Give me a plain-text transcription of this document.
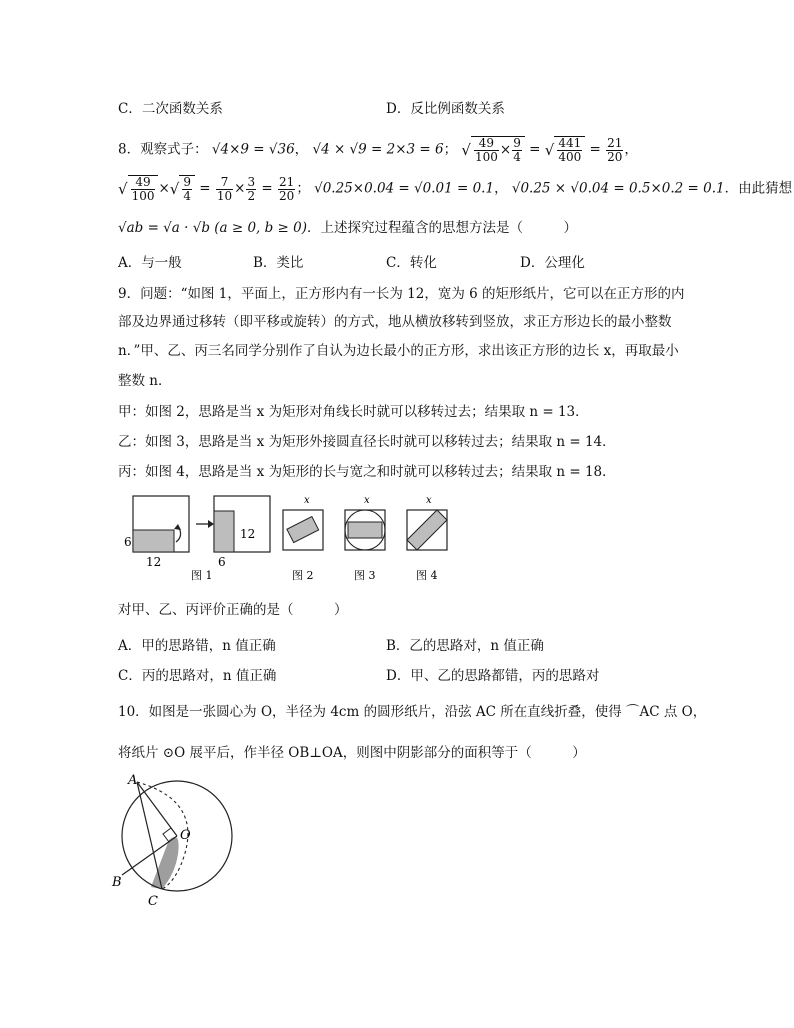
C．二次函数关系	D．反比例函数关系
8．观察式子： √4×9 = √36， √4 × √9 = 2×3 = 6； √ $\frac{49}{100} \times \frac{9}{4}$ = √ $\frac{441}{400} = \frac{21}{20}$ ，
√ $\frac{49}{100}$ ×√ $\frac{9}{4} = \frac{7}{10} \times \frac{3}{2} = \frac{21}{20}$ ； √0.25×0.04 = √0.01 = 0.1， √0.25 × √0.04 = 0.5×0.2 = 0.1．由此猜想
√ab = √a · √b (a ≥ 0, b ≥ 0)．上述探究过程蕴含的思想方法是（　　　）
A．与一般	B．类比	C．转化	D．公理化
9．问题：“如图 1，平面上，正方形内有一长为 12，宽为 6 的矩形纸片，它可以在正方形的内
部及边界通过移转（即平移或旋转）的方式，地从横放移转到竖放，求正方形边长的最小整数
n．”甲、乙、丙三名同学分别作了自认为边长最小的正方形，求出该正方形的边长 x，再取最小
整数 n．
甲：如图 2，思路是当 x 为矩形对角线长时就可以移转过去；结果取 n = 13．
乙：如图 3，思路是当 x 为矩形外接圆直径长时就可以移转过去；结果取 n = 14．
丙：如图 4，思路是当 x 为矩形的长与宽之和时就可以移转过去；结果取 n = 18．
6
12
12
6
图 1
x
图 2
x
图 3
x
图 4
对甲、乙、丙评价正确的是（　　　）
A．甲的思路错，n 值正确	B．乙的思路对，n 值正确
C．丙的思路对，n 值正确	D．甲、乙的思路都错，丙的思路对
10．如图是一张圆心为 O，半径为 4cm 的圆形纸片，沿弦 AC 所在直线折叠，使得 ⌒AC 点 O，
将纸片 ⊙O 展平后，作半径 OB⊥OA，则图中阴影部分的面积等于（　　　）
A
O
B
C
